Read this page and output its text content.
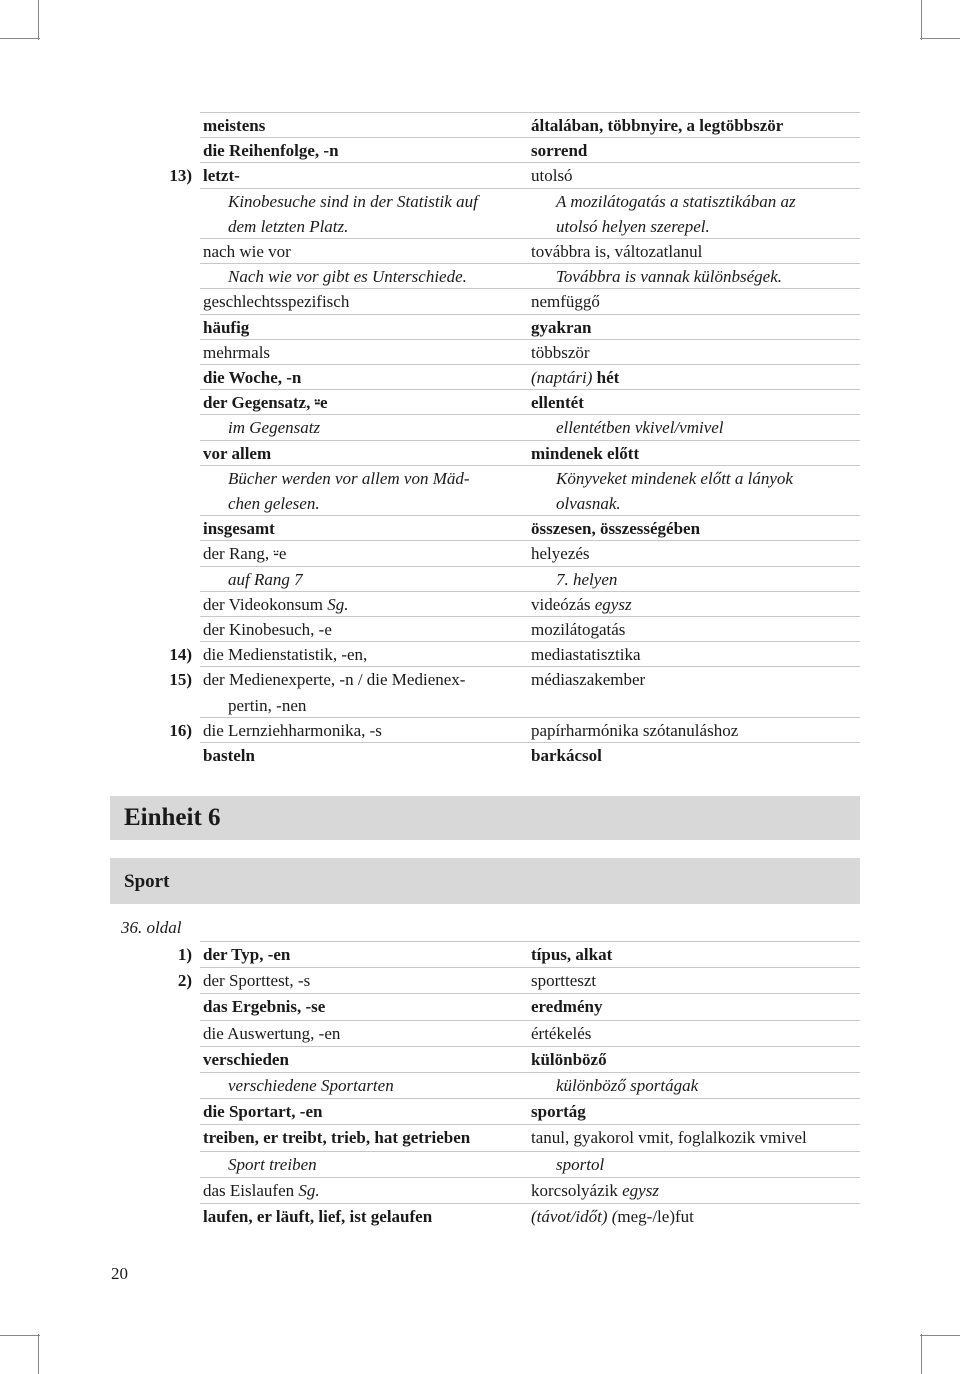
meistens	általában, többnyire, a legtöbbször
die Reihenfolge, -n	sorrend
13) letzt-	utolsó
Kinobesuche sind in der Statistik auf	A mozilátogatás a statisztikában az
dem letzten Platz.	utolsó helyen szerepel.
nach wie vor	továbbra is, változatlanul
Nach wie vor gibt es Unterschiede.	Továbbra is vannak különbségek.
geschlechtsspezifisch	nemfüggő
häufig	gyakran
mehrmals	többször
die Woche, -n	(naptári) hét
der Gegensatz, ⸚e	ellentét
im Gegensatz	ellentétben vkivel/vmivel
vor allem	mindenek előtt
Bücher werden vor allem von Mäd-	Könyveket mindenek előtt a lányok
chen gelesen.	olvasnak.
insgesamt	összesen, összességében
der Rang, ⸚e	helyezés
auf Rang 7	7. helyen
der Videokonsum Sg.	videózás egysz
der Kinobesuch, -e	mozilátogatás
14) die Medienstatistik, -en,	mediastatisztika
15) der Medienexperte, -n / die Medienex-	médiaszakember
pertin, -nen
16) die Lernziehharmonika, -s	papírharmónika szótanuláshoz
basteln	barkácsol
Einheit 6
Sport
36. oldal
1) der Typ, -en	típus, alkat
2) der Sporttest, -s	sportteszt
das Ergebnis, -se	eredmény
die Auswertung, -en	értékelés
verschieden	különböző
verschiedene Sportarten	különböző sportágak
die Sportart, -en	sportág
treiben, er treibt, trieb, hat getrieben	tanul, gyakorol vmit, foglalkozik vmivel
Sport treiben	sportol
das Eislaufen Sg.	korcsolyázik egysz
laufen, er läuft, lief, ist gelaufen	(távot/időt) (meg-/le)fut
20
